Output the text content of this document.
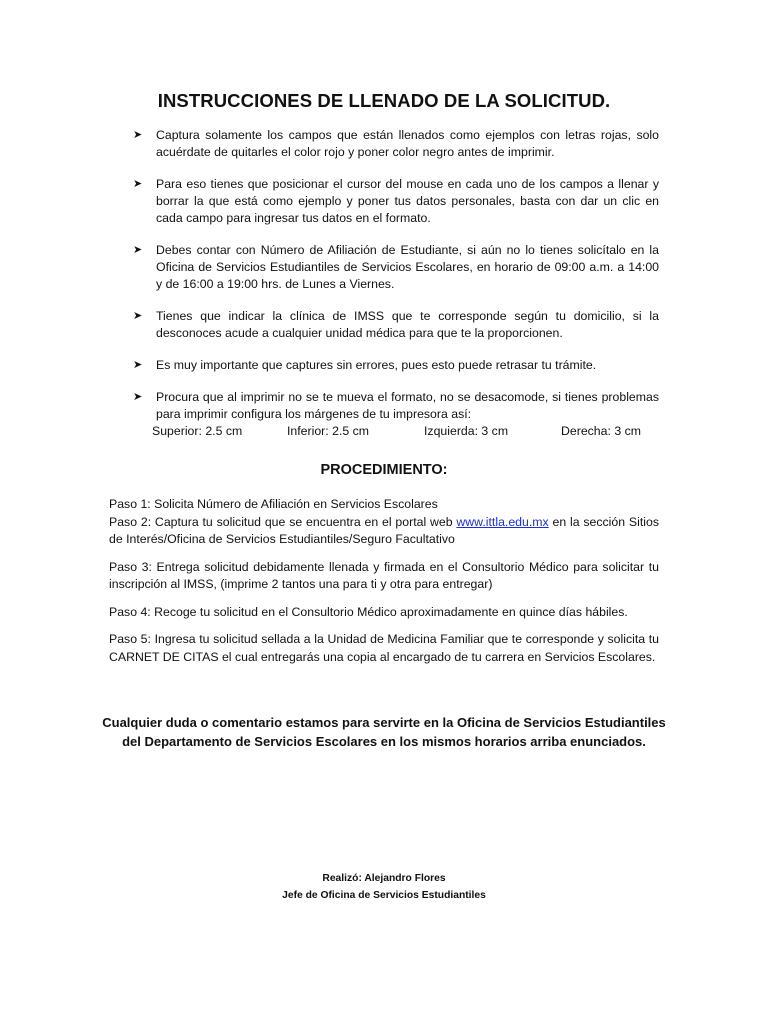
INSTRUCCIONES DE LLENADO DE LA SOLICITUD.
➤ Captura solamente los campos que están llenados como ejemplos con letras rojas, solo acuérdate de quitarles el color rojo y poner color negro antes de imprimir.
➤ Para eso tienes que posicionar el cursor del mouse en cada uno de los campos a llenar y borrar la que está como ejemplo y poner tus datos personales, basta con dar un clic en cada campo para ingresar tus datos en el formato.
➤ Debes contar con Número de Afiliación de Estudiante, si aún no lo tienes solicítalo en la Oficina de Servicios Estudiantiles de Servicios Escolares, en horario de 09:00 a.m. a 14:00 y de 16:00 a 19:00 hrs. de Lunes a Viernes.
➤ Tienes que indicar la clínica de IMSS que te corresponde según tu domicilio, si la desconoces acude a cualquier unidad médica para que te la proporcionen.
➤ Es muy importante que captures sin errores, pues esto puede retrasar tu trámite.
➤ Procura que al imprimir no se te mueva el formato, no se desacomode, si tienes problemas para imprimir configura los márgenes de tu impresora así:
Superior: 2.5 cm	Inferior: 2.5 cm	Izquierda: 3 cm	Derecha: 3 cm
PROCEDIMIENTO:
Paso 1: Solicita Número de Afiliación en Servicios Escolares
Paso 2: Captura tu solicitud que se encuentra en el portal web www.ittla.edu.mx en la sección Sitios de Interés/Oficina de Servicios Estudiantiles/Seguro Facultativo
Paso 3: Entrega solicitud debidamente llenada y firmada en el Consultorio Médico para solicitar tu inscripción al IMSS, (imprime 2 tantos una para ti y otra para entregar)
Paso 4: Recoge tu solicitud en el Consultorio Médico aproximadamente en quince días hábiles.
Paso 5: Ingresa tu solicitud sellada a la Unidad de Medicina Familiar que te corresponde y solicita tu CARNET DE CITAS el cual entregarás una copia al encargado de tu carrera en Servicios Escolares.
Cualquier duda o comentario estamos para servirte en la Oficina de Servicios Estudiantiles del Departamento de Servicios Escolares en los mismos horarios arriba enunciados.
Realizó: Alejandro Flores
Jefe de Oficina de Servicios Estudiantiles
